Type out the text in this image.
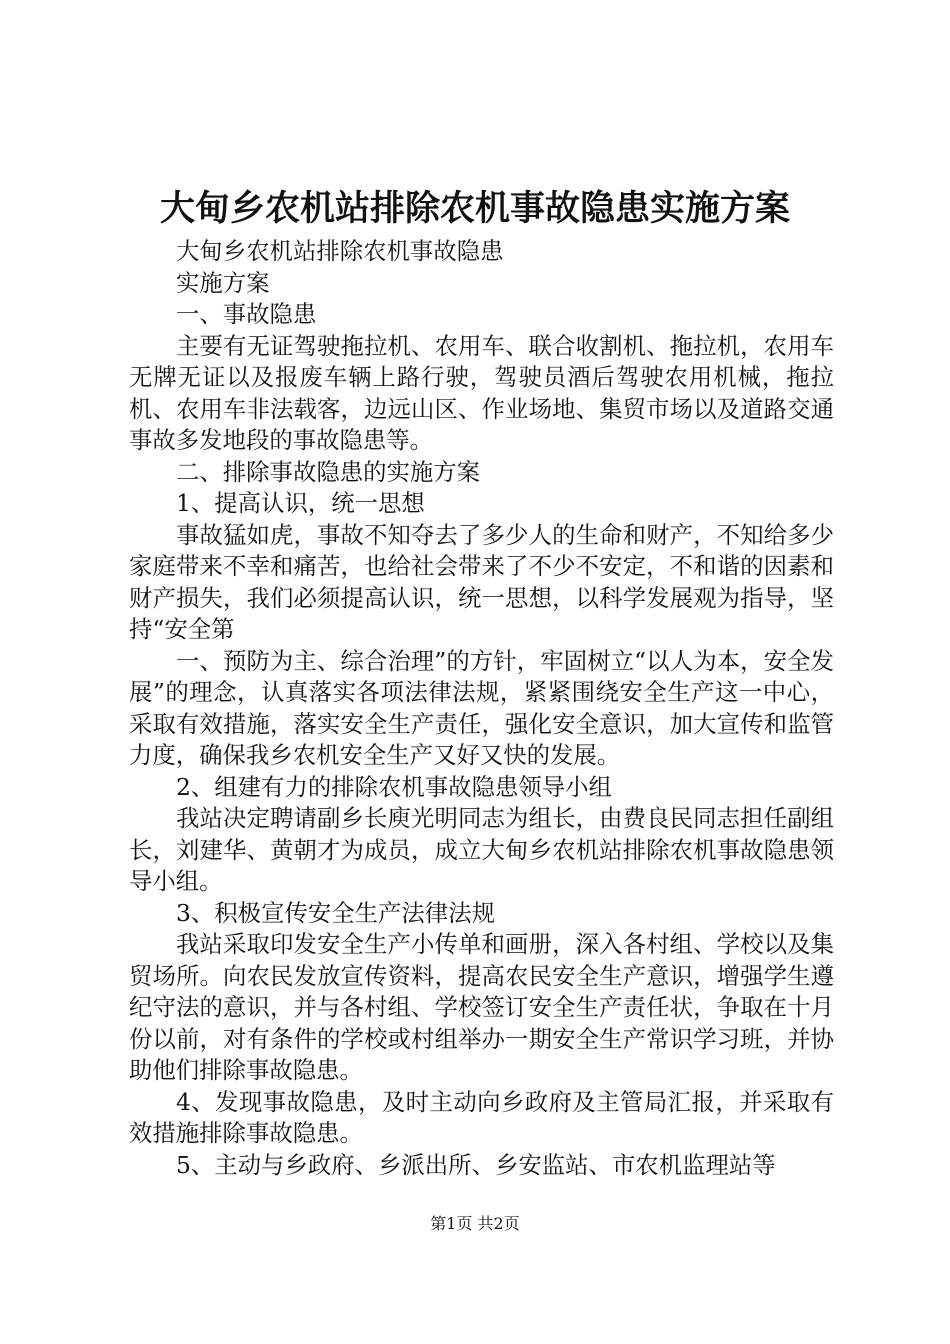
大甸乡农机站排除农机事故隐患实施方案

大甸乡农机站排除农机事故隐患

实施方案

一、事故隐患

主要有无证驾驶拖拉机、农用车、联合收割机、拖拉机，农用车无牌无证以及报废车辆上路行驶，驾驶员酒后驾驶农用机械，拖拉机、农用车非法载客，边远山区、作业场地、集贸市场以及道路交通事故多发地段的事故隐患等。

二、排除事故隐患的实施方案

1、提高认识，统一思想

事故猛如虎，事故不知夺去了多少人的生命和财产，不知给多少家庭带来不幸和痛苦，也给社会带来了不少不安定，不和谐的因素和财产损失，我们必须提高认识，统一思想，以科学发展观为指导，坚持“安全第

一、预防为主、综合治理”的方针，牢固树立“以人为本，安全发展”的理念，认真落实各项法律法规，紧紧围绕安全生产这一中心，采取有效措施，落实安全生产责任，强化安全意识，加大宣传和监管力度，确保我乡农机安全生产又好又快的发展。

2、组建有力的排除农机事故隐患领导小组

我站决定聘请副乡长庾光明同志为组长，由费良民同志担任副组长，刘建华、黄朝才为成员，成立大甸乡农机站排除农机事故隐患领导小组。

3、积极宣传安全生产法律法规

我站采取印发安全生产小传单和画册，深入各村组、学校以及集贸场所。向农民发放宣传资料，提高农民安全生产意识，增强学生遵纪守法的意识，并与各村组、学校签订安全生产责任状，争取在十月份以前，对有条件的学校或村组举办一期安全生产常识学习班，并协助他们排除事故隐患。

4、发现事故隐患，及时主动向乡政府及主管局汇报，并采取有效措施排除事故隐患。

5、主动与乡政府、乡派出所、乡安监站、市农机监理站等

第1页 共2页
